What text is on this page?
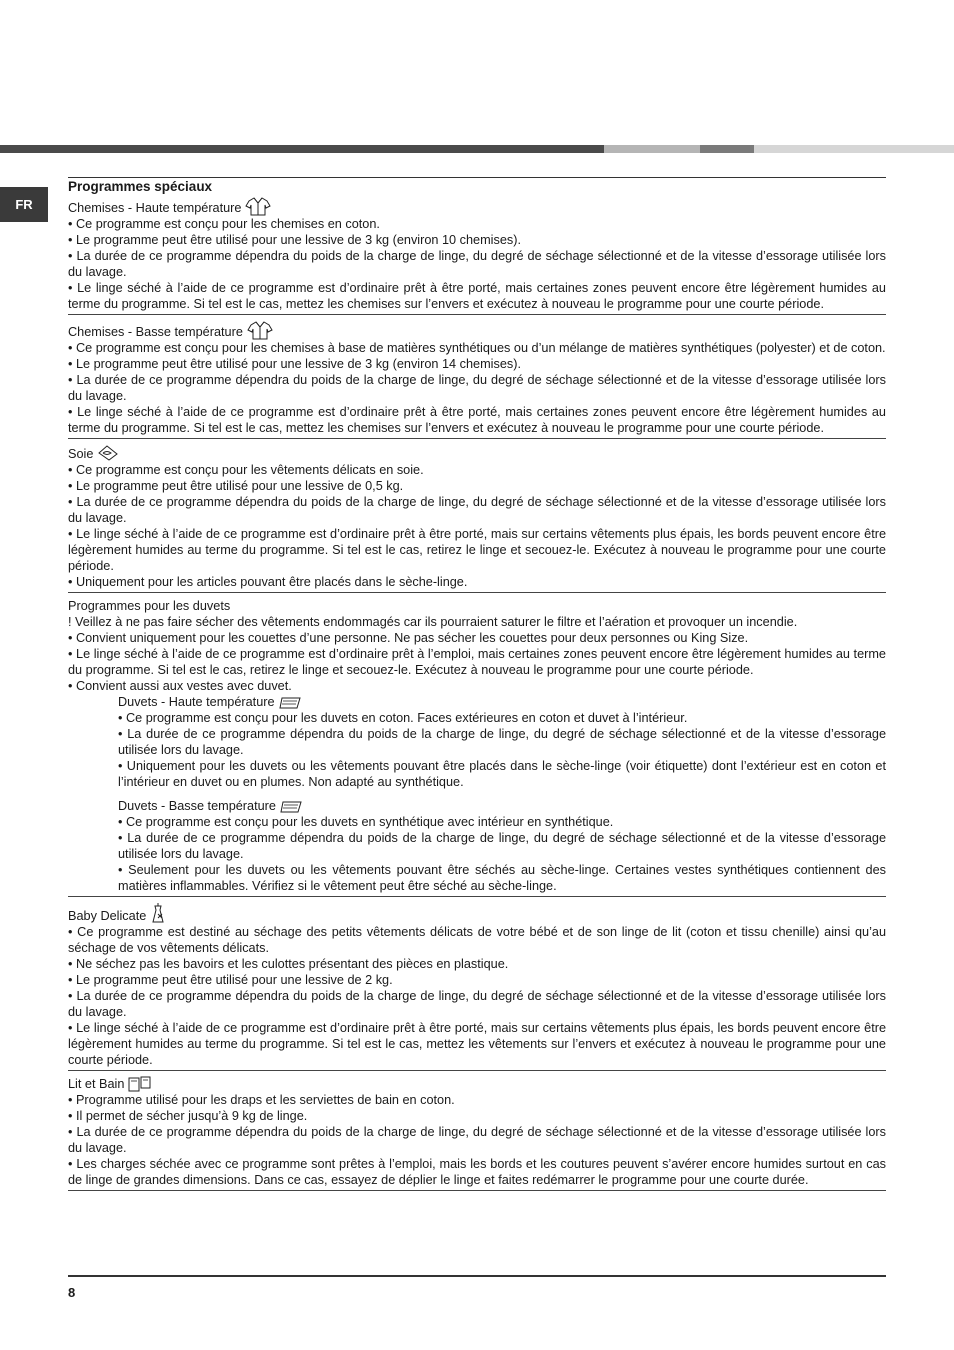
FR
Programmes spéciaux
Chemises - Haute température
• Ce programme est conçu pour les chemises en coton.
• Le programme peut être utilisé pour une lessive de 3 kg (environ 10 chemises).
• La durée de ce programme dépendra du poids de la charge de linge, du degré de séchage sélectionné et de la vitesse d’essorage utilisée lors du lavage.
• Le linge séché à l’aide de ce programme est d’ordinaire prêt à être porté, mais certaines zones peuvent encore être légèrement humides au terme du programme. Si tel est le cas, mettez les chemises sur l’envers et exécutez à nouveau le programme pour une courte période.
Chemises - Basse température
• Ce programme est conçu pour les chemises à base de matières synthétiques ou d’un mélange de matières synthétiques (polyester) et de coton.
• Le programme peut être utilisé pour une lessive de 3 kg (environ 14 chemises).
• La durée de ce programme dépendra du poids de la charge de linge, du degré de séchage sélectionné et de la vitesse d’essorage utilisée lors du lavage.
• Le linge séché à l’aide de ce programme est d’ordinaire prêt à être porté, mais certaines zones peuvent encore être légèrement humides au terme du programme. Si tel est le cas, mettez les chemises sur l’envers et exécutez à nouveau le programme pour une courte période.
Soie
• Ce programme est conçu pour les vêtements délicats en soie.
• Le programme peut être utilisé pour une lessive de 0,5 kg.
• La durée de ce programme dépendra du poids de la charge de linge, du degré de séchage sélectionné et de la vitesse d’essorage utilisée lors du lavage.
• Le linge séché à l’aide de ce programme est d’ordinaire prêt à être porté, mais sur certains vêtements plus épais, les bords peuvent encore être légèrement humides au terme du programme. Si tel est le cas, retirez le linge et secouez-le. Exécutez à nouveau le programme pour une courte période.
• Uniquement pour les articles pouvant être placés dans le sèche-linge.
Programmes pour les duvets
! Veillez à ne pas faire sécher des vêtements endommagés car ils pourraient saturer le filtre et l’aération et provoquer un incendie.
• Convient uniquement pour les couettes d’une personne. Ne pas sécher les couettes pour deux personnes ou King Size.
• Le linge séché à l’aide de ce programme est d’ordinaire prêt à l’emploi, mais certaines zones peuvent encore être légèrement humides au terme du programme. Si tel est le cas, retirez le linge et secouez-le. Exécutez à nouveau le programme pour une courte période.
• Convient aussi aux vestes avec duvet.
Duvets - Haute température
• Ce programme est conçu pour les duvets en coton. Faces extérieures en coton et duvet à l’intérieur.
• La durée de ce programme dépendra du poids de la charge de linge, du degré de séchage sélectionné et de la vitesse d’essorage utilisée lors du lavage.
• Uniquement pour les duvets ou les vêtements pouvant être placés dans le sèche-linge (voir étiquette) dont l’extérieur est en coton et l’intérieur en duvet ou en plumes. Non adapté au synthétique.
Duvets - Basse température
• Ce programme est conçu pour les duvets en synthétique avec intérieur en synthétique.
• La durée de ce programme dépendra du poids de la charge de linge, du degré de séchage sélectionné et de la vitesse d’essorage utilisée lors du lavage.
• Seulement pour les duvets ou les vêtements pouvant être séchés au sèche-linge. Certaines vestes synthétiques contiennent des matières inflammables. Vérifiez si le vêtement peut être séché au sèche-linge.
Baby Delicate
• Ce programme est destiné au séchage des petits vêtements délicats de votre bébé et de son linge de lit (coton et tissu chenille) ainsi qu’au séchage de vos vêtements délicats.
• Ne séchez pas les bavoirs et les culottes présentant des pièces en plastique.
• Le programme peut être utilisé pour une lessive de 2 kg.
• La durée de ce programme dépendra du poids de la charge de linge, du degré de séchage sélectionné et de la vitesse d’essorage utilisée lors du lavage.
• Le linge séché à l’aide de ce programme est d’ordinaire prêt à être porté, mais sur certains vêtements plus épais, les bords peuvent encore être légèrement humides au terme du programme. Si tel est le cas, mettez les vêtements sur l’envers et exécutez à nouveau le programme pour une courte période.
Lit et Bain
• Programme utilisé pour les draps et les serviettes de bain en coton.
• Il permet de sécher jusqu’à 9 kg de linge.
• La durée de ce programme dépendra du poids de la charge de linge, du degré de séchage sélectionné et de la vitesse d’essorage utilisée lors du lavage.
• Les charges séchée avec ce programme sont prêtes à l’emploi, mais les bords et les coutures peuvent s’avérer encore humides surtout en cas de linge de grandes dimensions. Dans ce cas, essayez de déplier le linge et faites redémarrer le programme pour une courte durée.
8
